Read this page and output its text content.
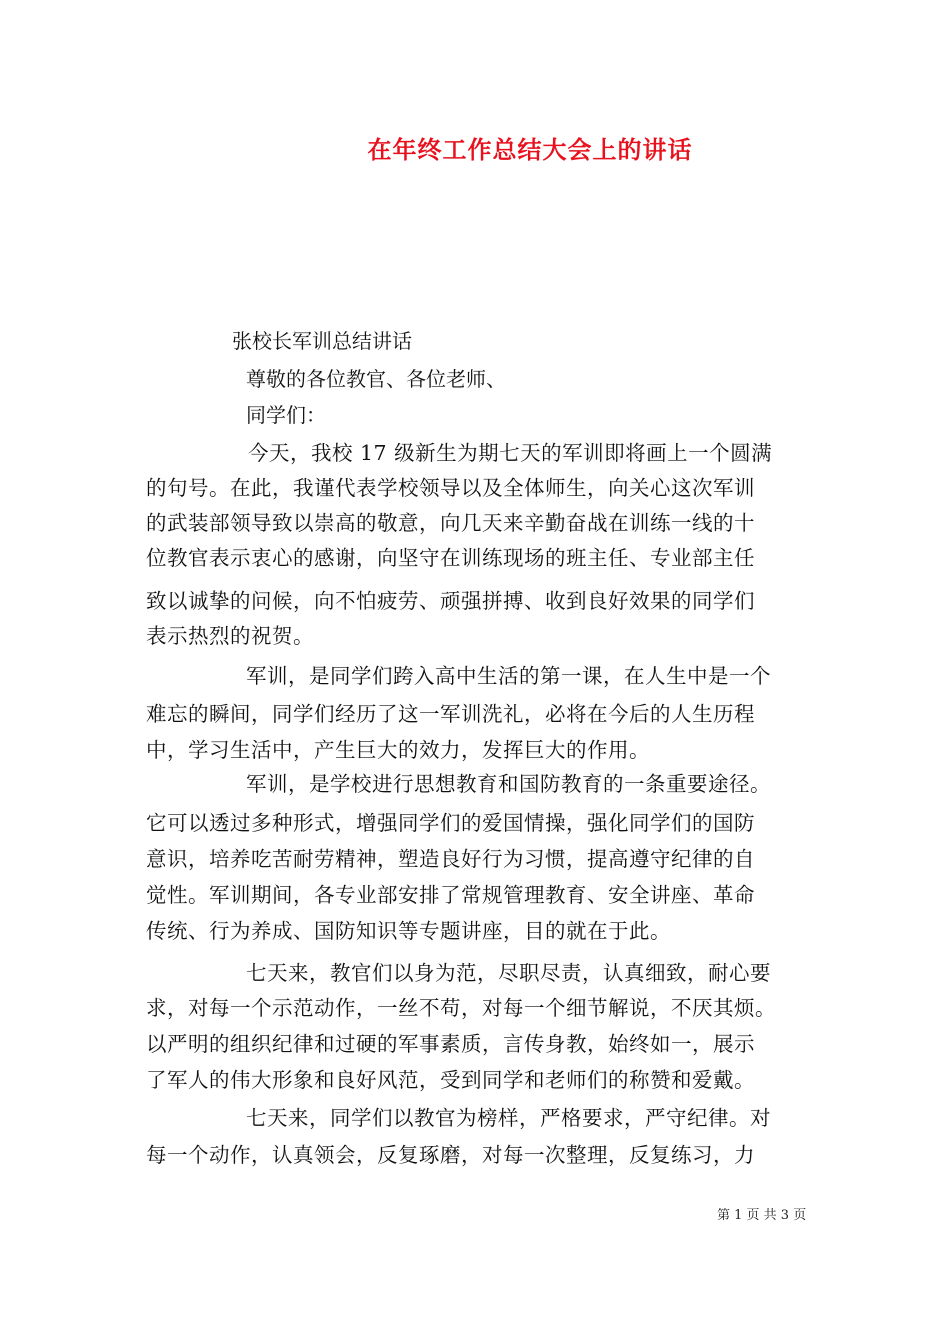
在年终工作总结大会上的讲话
张校长军训总结讲话
尊敬的各位教官、各位老师、
同学们：
今天，我校 17 级新生为期七天的军训即将画上一个圆满
的句号。在此，我谨代表学校领导以及全体师生，向关心这次军训
的武装部领导致以崇高的敬意，向几天来辛勤奋战在训练一线的十
位教官表示衷心的感谢，向坚守在训练现场的班主任、专业部主任
致以诚挚的问候，向不怕疲劳、顽强拼搏、收到良好效果的同学们
表示热烈的祝贺。
军训，是同学们跨入高中生活的第一课，在人生中是一个
难忘的瞬间，同学们经历了这一军训洗礼，必将在今后的人生历程
中，学习生活中，产生巨大的效力，发挥巨大的作用。
军训，是学校进行思想教育和国防教育的一条重要途径。
它可以透过多种形式，增强同学们的爱国情操，强化同学们的国防
意识，培养吃苦耐劳精神，塑造良好行为习惯，提高遵守纪律的自
觉性。军训期间，各专业部安排了常规管理教育、安全讲座、革命
传统、行为养成、国防知识等专题讲座，目的就在于此。
七天来，教官们以身为范，尽职尽责，认真细致，耐心要
求，对每一个示范动作，一丝不苟，对每一个细节解说，不厌其烦。
以严明的组织纪律和过硬的军事素质，言传身教，始终如一，展示
了军人的伟大形象和良好风范，受到同学和老师们的称赞和爱戴。
七天来，同学们以教官为榜样，严格要求，严守纪律。对
每一个动作，认真领会，反复琢磨，对每一次整理，反复练习，力
第 1 页 共 3 页
